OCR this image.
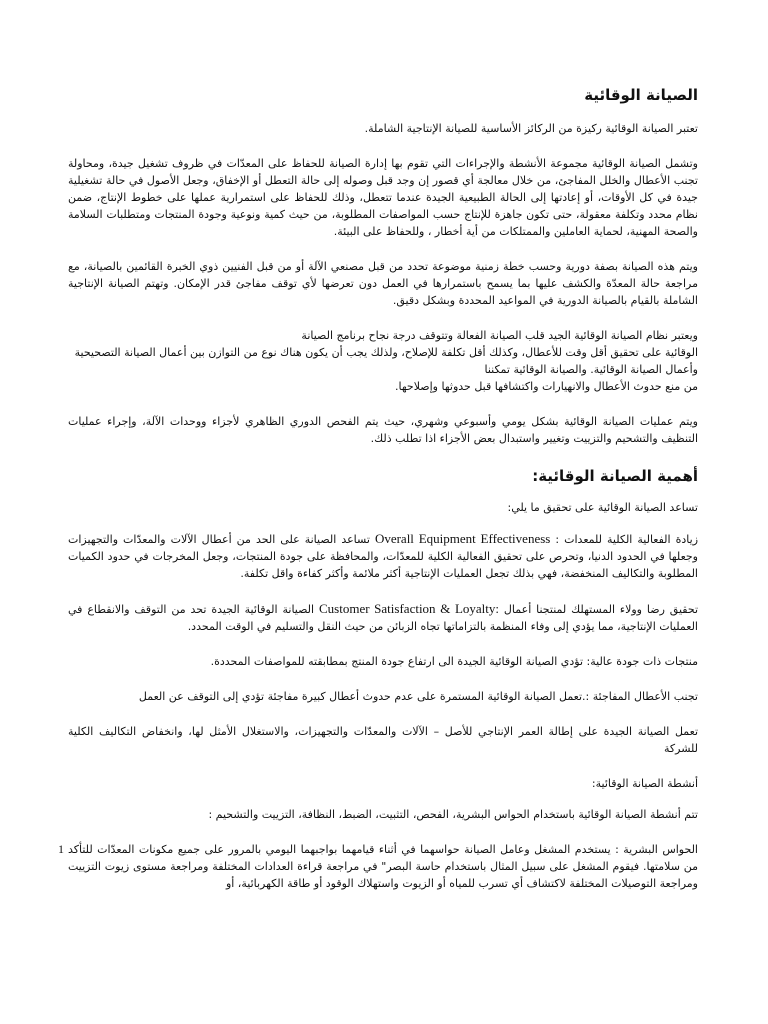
الصيانة الوقائية

تعتبر الصيانة الوقائية ركيزة من الركائز الأساسية للصيانة الإنتاجية الشاملة.

وتشمل الصيانة الوقائية مجموعة الأنشطة والإجراءات التي تقوم بها إدارة الصيانة للحفاظ على المعدّات في ظروف تشغيل جيدة، ومحاولة تجنب الأعطال والخلل المفاجئ، من خلال معالجة أي قصور إن وجد قبل وصوله إلى حالة التعطل أو الإخفاق، وجعل الأصول في حالة تشغيلية جيدة في كل الأوقات، أو إعادتها إلى الحالة الطبيعية الجيدة عندما تتعطل، وذلك للحفاظ على استمرارية عملها على خطوط الإنتاج، ضمن نظام محدد وتكلفة معقولة، حتى تكون جاهزة للإنتاج حسب المواصفات المطلوبة، من حيث كمية ونوعية وجودة المنتجات ومتطلبات السلامة والصحة المهنية، لحماية العاملين والممتلكات من أية أخطار ، وللحفاظ على البيئة.

ويتم هذه الصيانة بصفة دورية وحسب خطة زمنية موضوعة تحدد من قبل مصنعي الآلة أو من قبل الفنيين ذوي الخبرة القائمين بالصيانة، مع مراجعة حالة المعدّة والكشف عليها بما يسمح باستمرارها في العمل دون تعرضها لأي توقف مفاجئ قدر الإمكان. وتهتم الصيانة الإنتاجية الشاملة بالقيام بالصيانة الدورية في المواعيد المحددة وبشكل دقيق.

ويعتبر نظام الصيانة الوقائية الجيد قلب الصيانة الفعالة وتتوقف درجة نجاح برنامج الصيانة
الوقائية على تحقيق أقل وقت للأعطال، وكذلك أقل تكلفة للإصلاح، ولذلك يجب أن يكون هناك نوع من التوازن بين أعمال الصيانة التصحيحية
وأعمال الصيانة الوقائية. والصيانة الوقائية تمكننا
من منع حدوث الأعطال والانهيارات واكتشافها قبل حدوثها وإصلاحها.

ويتم عمليات الصيانة الوقائية بشكل يومي وأسبوعي وشهري، حيث يتم الفحص الدوري الظاهري لأجزاء ووحدات الآلة، وإجراء عمليات التنظيف والتشحيم والتزييت وتغيير واستبدال بعض الأجزاء اذا تطلب ذلك.

أهمية الصيانة الوقائية:

تساعد الصيانة الوقائية على تحقيق ما يلي:

زيادة الفعالية الكلية للمعدات : Overall Equipment Effectiveness تساعد الصيانة على الحد من أعطال الآلات والمعدّات والتجهيزات وجعلها في الحدود الدنيا، وتحرص على تحقيق الفعالية الكلية للمعدّات، والمحافظة على جودة المنتجات، وجعل المخرجات في حدود الكميات المطلوبة والتكاليف المنخفضة، فهي بذلك تجعل العمليات الإنتاجية أكثر ملائمة وأكثر كفاءة واقل تكلفة.

تحقيق رضا وولاء المستهلك لمنتجنا أعمال Customer Satisfaction & Loyalty: الصيانة الوقائية الجيدة تحد من التوقف والانقطاع في العمليات الإنتاجية، مما يؤدي إلى وفاء المنظمة بالتزاماتها تجاه الزبائن من حيث النقل والتسليم في الوقت المحدد.

منتجات ذات جودة عالية: تؤدي الصيانة الوقائية الجيدة الى ارتفاع جودة المنتج بمطابقته للمواصفات المحددة.

تجنب الأعطال المفاجئة :.تعمل الصيانة الوقائية المستمرة على عدم حدوث أعطال كبيرة مفاجئة تؤدي إلى التوقف عن العمل

تعمل الصيانة الجيدة على إطالة العمر الإنتاجي للأصل – الآلات والمعدّات والتجهيزات، والاستغلال الأمثل لها، وانخفاض التكاليف الكلية للشركة

أنشطة الصيانة الوقائية:

تتم أنشطة الصيانة الوقائية باستخدام الحواس البشرية، الفحص، التثبيت، الضبط، النظافة، التزييت والتشحيم :

1 الحواس البشرية : يستخدم المشغل وعامل الصيانة حواسهما في أثناء قيامهما بواجبهما اليومي بالمرور على جميع مكونات المعدّات للتأكد من سلامتها. فيقوم المشغل على سبيل المثال باستخدام حاسة البصر" في مراجعة قراءة العدادات المختلفة ومراجعة مستوى زيوت التزييت ومراجعة التوصيلات المختلفة لاكتشاف أي تسرب للمياه أو الزيوت واستهلاك الوقود أو طاقة الكهربائية، أو
